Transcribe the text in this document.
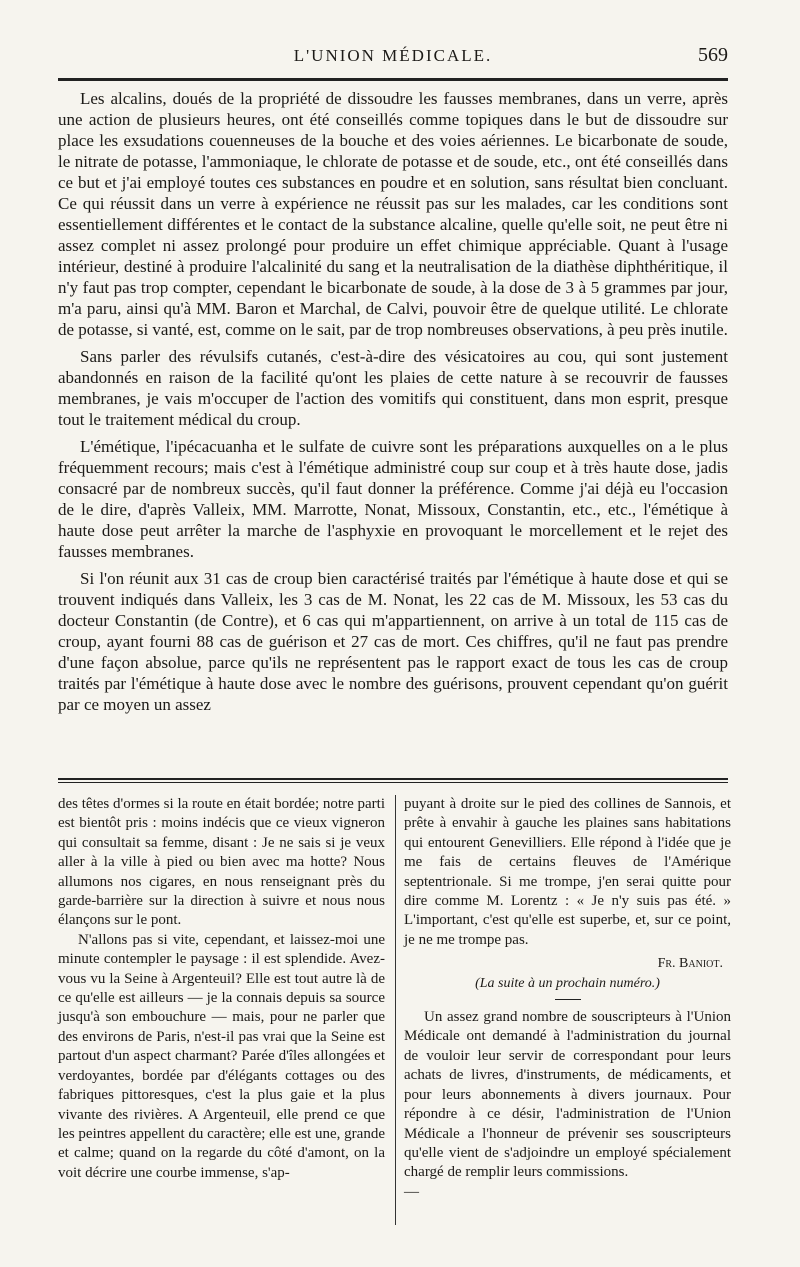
L'UNION MÉDICALE.	569

Les alcalins, doués de la propriété de dissoudre les fausses membranes, dans un verre, après une action de plusieurs heures, ont été conseillés comme topiques dans le but de dissoudre sur place les exsudations couenneuses de la bouche et des voies aériennes. Le bicarbonate de soude, le nitrate de potasse, l'ammoniaque, le chlorate de potasse et de soude, etc., ont été conseillés dans ce but et j'ai employé toutes ces substances en poudre et en solution, sans résultat bien concluant. Ce qui réussit dans un verre à expérience ne réussit pas sur les malades, car les conditions sont essentiellement différentes et le contact de la substance alcaline, quelle qu'elle soit, ne peut être ni assez complet ni assez prolongé pour produire un effet chimique appréciable. Quant à l'usage intérieur, destiné à produire l'alcalinité du sang et la neutralisation de la diathèse diphthéritique, il n'y faut pas trop compter, cependant le bicarbonate de soude, à la dose de 3 à 5 grammes par jour, m'a paru, ainsi qu'à MM. Baron et Marchal, de Calvi, pouvoir être de quelque utilité. Le chlorate de potasse, si vanté, est, comme on le sait, par de trop nombreuses observations, à peu près inutile.

Sans parler des révulsifs cutanés, c'est-à-dire des vésicatoires au cou, qui sont justement abandonnés en raison de la facilité qu'ont les plaies de cette nature à se recouvrir de fausses membranes, je vais m'occuper de l'action des vomitifs qui constituent, dans mon esprit, presque tout le traitement médical du croup.

L'émétique, l'ipécacuanha et le sulfate de cuivre sont les préparations auxquelles on a le plus fréquemment recours; mais c'est à l'émétique administré coup sur coup et à très haute dose, jadis consacré par de nombreux succès, qu'il faut donner la préférence. Comme j'ai déjà eu l'occasion de le dire, d'après Valleix, MM. Marrotte, Nonat, Missoux, Constantin, etc., etc., l'émétique à haute dose peut arrêter la marche de l'asphyxie en provoquant le morcellement et le rejet des fausses membranes.

Si l'on réunit aux 31 cas de croup bien caractérisé traités par l'émétique à haute dose et qui se trouvent indiqués dans Valleix, les 3 cas de M. Nonat, les 22 cas de M. Missoux, les 53 cas du docteur Constantin (de Contre), et 6 cas qui m'appartiennent, on arrive à un total de 115 cas de croup, ayant fourni 88 cas de guérison et 27 cas de mort. Ces chiffres, qu'il ne faut pas prendre d'une façon absolue, parce qu'ils ne représentent pas le rapport exact de tous les cas de croup traités par l'émétique à haute dose avec le nombre des guérisons, prouvent cependant qu'on guérit par ce moyen un assez

des têtes d'ormes si la route en était bordée; notre parti est bientôt pris : moins indécis que ce vieux vigneron qui consultait sa femme, disant : Je ne sais si je veux aller à la ville à pied ou bien avec ma hotte? Nous allumons nos cigares, en nous renseignant près du garde-barrière sur la direction à suivre et nous nous élançons sur le pont.

N'allons pas si vite, cependant, et laissez-moi une minute contempler le paysage : il est splendide. Avez-vous vu la Seine à Argenteuil? Elle est tout autre là de ce qu'elle est ailleurs — je la connais depuis sa source jusqu'à son embouchure — mais, pour ne parler que des environs de Paris, n'est-il pas vrai que la Seine est partout d'un aspect charmant? Parée d'îles allongées et verdoyantes, bordée par d'élégants cottages ou des fabriques pittoresques, c'est la plus gaie et la plus vivante des rivières. A Argenteuil, elle prend ce que les peintres appellent du caractère; elle est une, grande et calme; quand on la regarde du côté d'amont, on la voit décrire une courbe immense, s'ap-

puyant à droite sur le pied des collines de Sannois, et prête à envahir à gauche les plaines sans habitations qui entourent Genevilliers. Elle répond à l'idée que je me fais de certains fleuves de l'Amérique septentrionale. Si me trompe, j'en serai quitte pour dire comme M. Lorentz : « Je n'y suis pas été. » L'important, c'est qu'elle est superbe, et, sur ce point, je ne me trompe pas.

Fr. Baniot.

(La suite à un prochain numéro.)

Un assez grand nombre de souscripteurs à l'Union Médicale ont demandé à l'administration du journal de vouloir leur servir de correspondant pour leurs achats de livres, d'instruments, de médicaments, et pour leurs abonnements à divers journaux. Pour répondre à ce désir, l'administration de l'Union Médicale a l'honneur de prévenir ses souscripteurs qu'elle vient de s'adjoindre un employé spécialement chargé de remplir leurs commissions.

—
